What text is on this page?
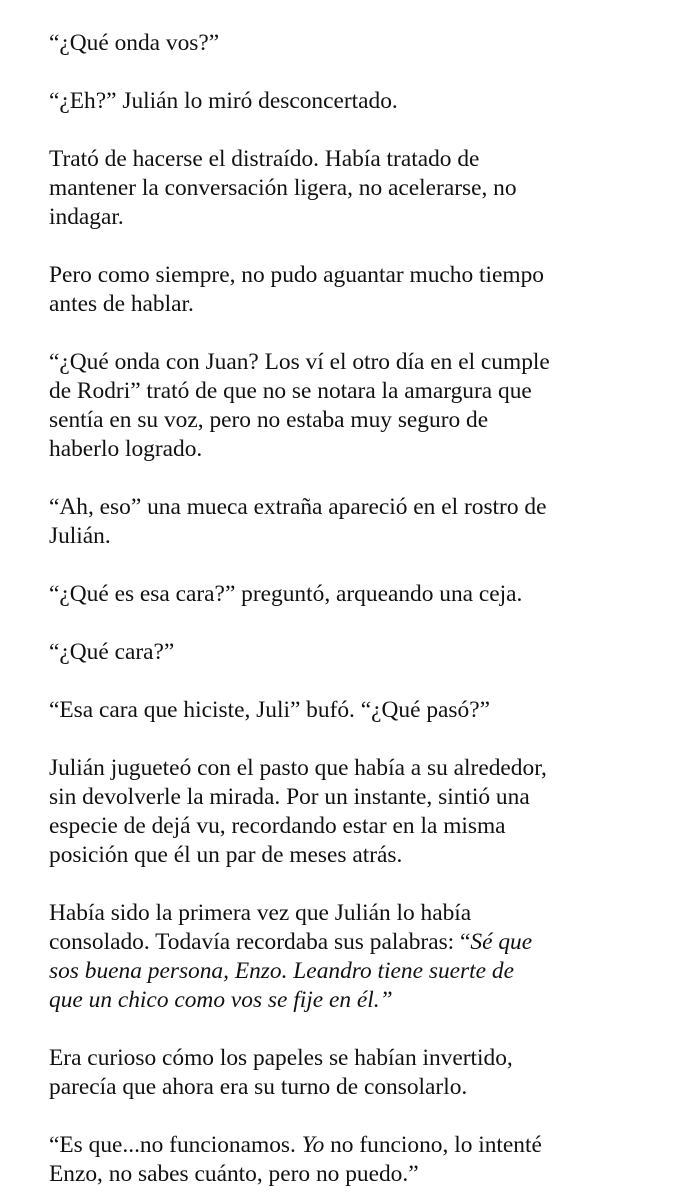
“¿Qué onda vos?”

“¿Eh?” Julián lo miró desconcertado.

Trató de hacerse el distraído. Había tratado de
mantener la conversación ligera, no acelerarse, no
indagar.

Pero como siempre, no pudo aguantar mucho tiempo
antes de hablar.

“¿Qué onda con Juan? Los ví el otro día en el cumple
de Rodri” trató de que no se notara la amargura que
sentía en su voz, pero no estaba muy seguro de
haberlo logrado.

“Ah, eso” una mueca extraña apareció en el rostro de
Julián.

“¿Qué es esa cara?” preguntó, arqueando una ceja.

“¿Qué cara?”

“Esa cara que hiciste, Juli” bufó. “¿Qué pasó?”

Julián jugueteó con el pasto que había a su alrededor,
sin devolverle la mirada. Por un instante, sintió una
especie de dejá vu, recordando estar en la misma
posición que él un par de meses atrás.

Había sido la primera vez que Julián lo había
consolado. Todavía recordaba sus palabras: “Sé que
sos buena persona, Enzo. Leandro tiene suerte de
que un chico como vos se fije en él.”

Era curioso cómo los papeles se habían invertido,
parecía que ahora era su turno de consolarlo.

“Es que...no funcionamos. Yo no funciono, lo intenté
Enzo, no sabes cuánto, pero no puedo.”
